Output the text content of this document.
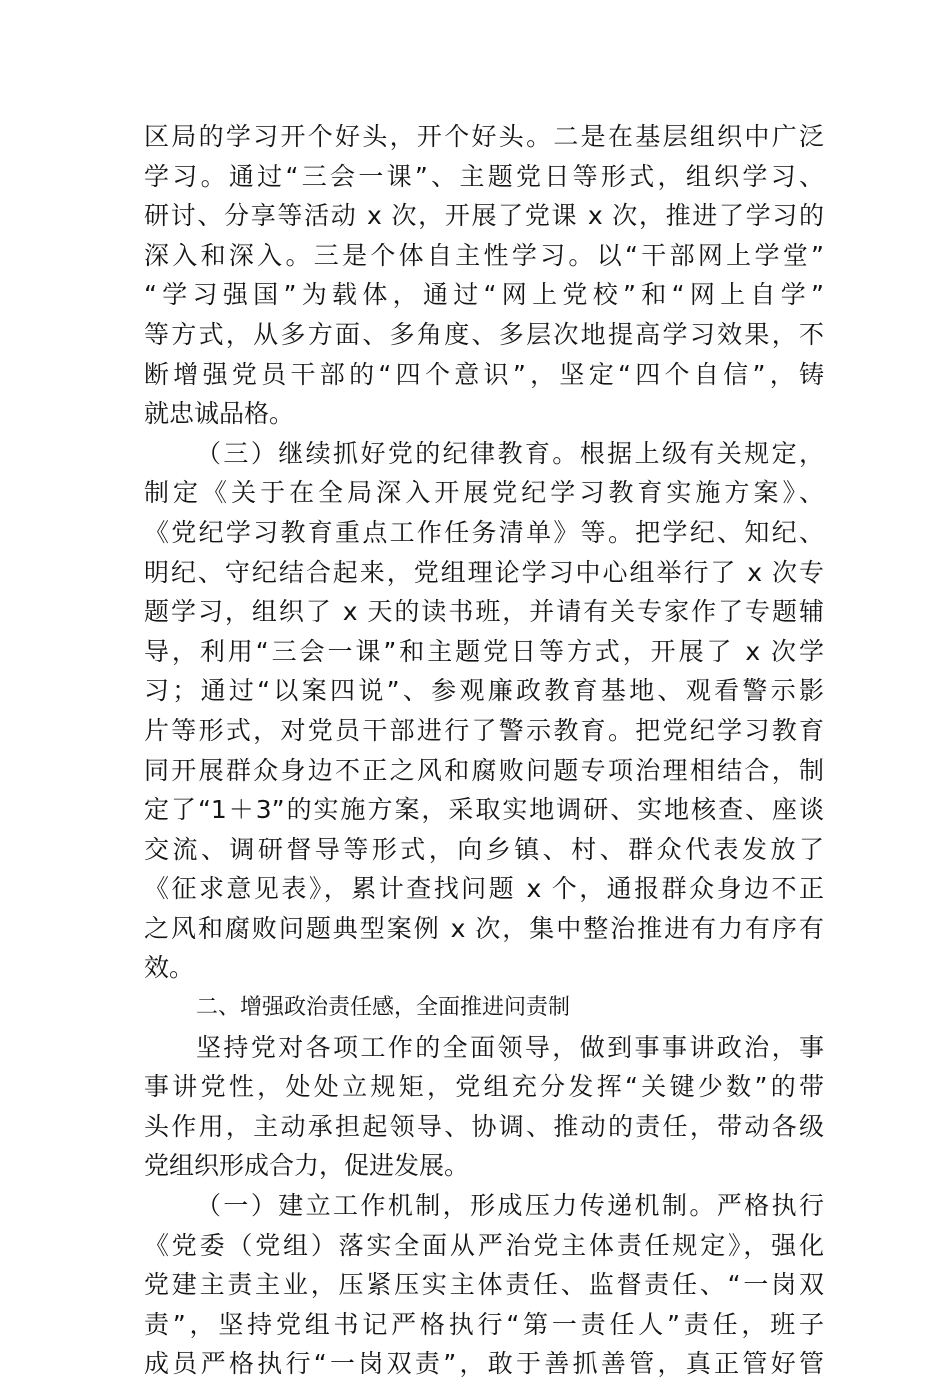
区局的学习开个好头，开个好头。二是在基层组织中广泛
学习。通过“三会一课”、主题党日等形式，组织学习、
研讨、分享等活动 x 次，开展了党课 x 次，推进了学习的
深入和深入。三是个体自主性学习。以“干部网上学堂”
“学习强国”为载体，通过“网上党校”和“网上自学”
等方式，从多方面、多角度、多层次地提高学习效果，不
断增强党员干部的“四个意识”，坚定“四个自信”，铸
就忠诚品格。
（三）继续抓好党的纪律教育。根据上级有关规定，
制定《关于在全局深入开展党纪学习教育实施方案》、
《党纪学习教育重点工作任务清单》等。把学纪、知纪、
明纪、守纪结合起来，党组理论学习中心组举行了 x 次专
题学习，组织了 x 天的读书班，并请有关专家作了专题辅
导，利用“三会一课”和主题党日等方式，开展了 x 次学
习；通过“以案四说”、参观廉政教育基地、观看警示影
片等形式，对党员干部进行了警示教育。把党纪学习教育
同开展群众身边不正之风和腐败问题专项治理相结合，制
定了“1＋3”的实施方案，采取实地调研、实地核查、座谈
交流、调研督导等形式，向乡镇、村、群众代表发放了
《征求意见表》，累计查找问题 x 个，通报群众身边不正
之风和腐败问题典型案例 x 次，集中整治推进有力有序有
效。
二、增强政治责任感，全面推进问责制
坚持党对各项工作的全面领导，做到事事讲政治，事
事讲党性，处处立规矩，党组充分发挥“关键少数”的带
头作用，主动承担起领导、协调、推动的责任，带动各级
党组织形成合力，促进发展。
（一）建立工作机制，形成压力传递机制。严格执行
《党委（党组）落实全面从严治党主体责任规定》，强化
党建主责主业，压紧压实主体责任、监督责任、“一岗双
责”，坚持党组书记严格执行“第一责任人”责任，班子
成员严格执行“一岗双责”，敢于善抓善管，真正管好管
